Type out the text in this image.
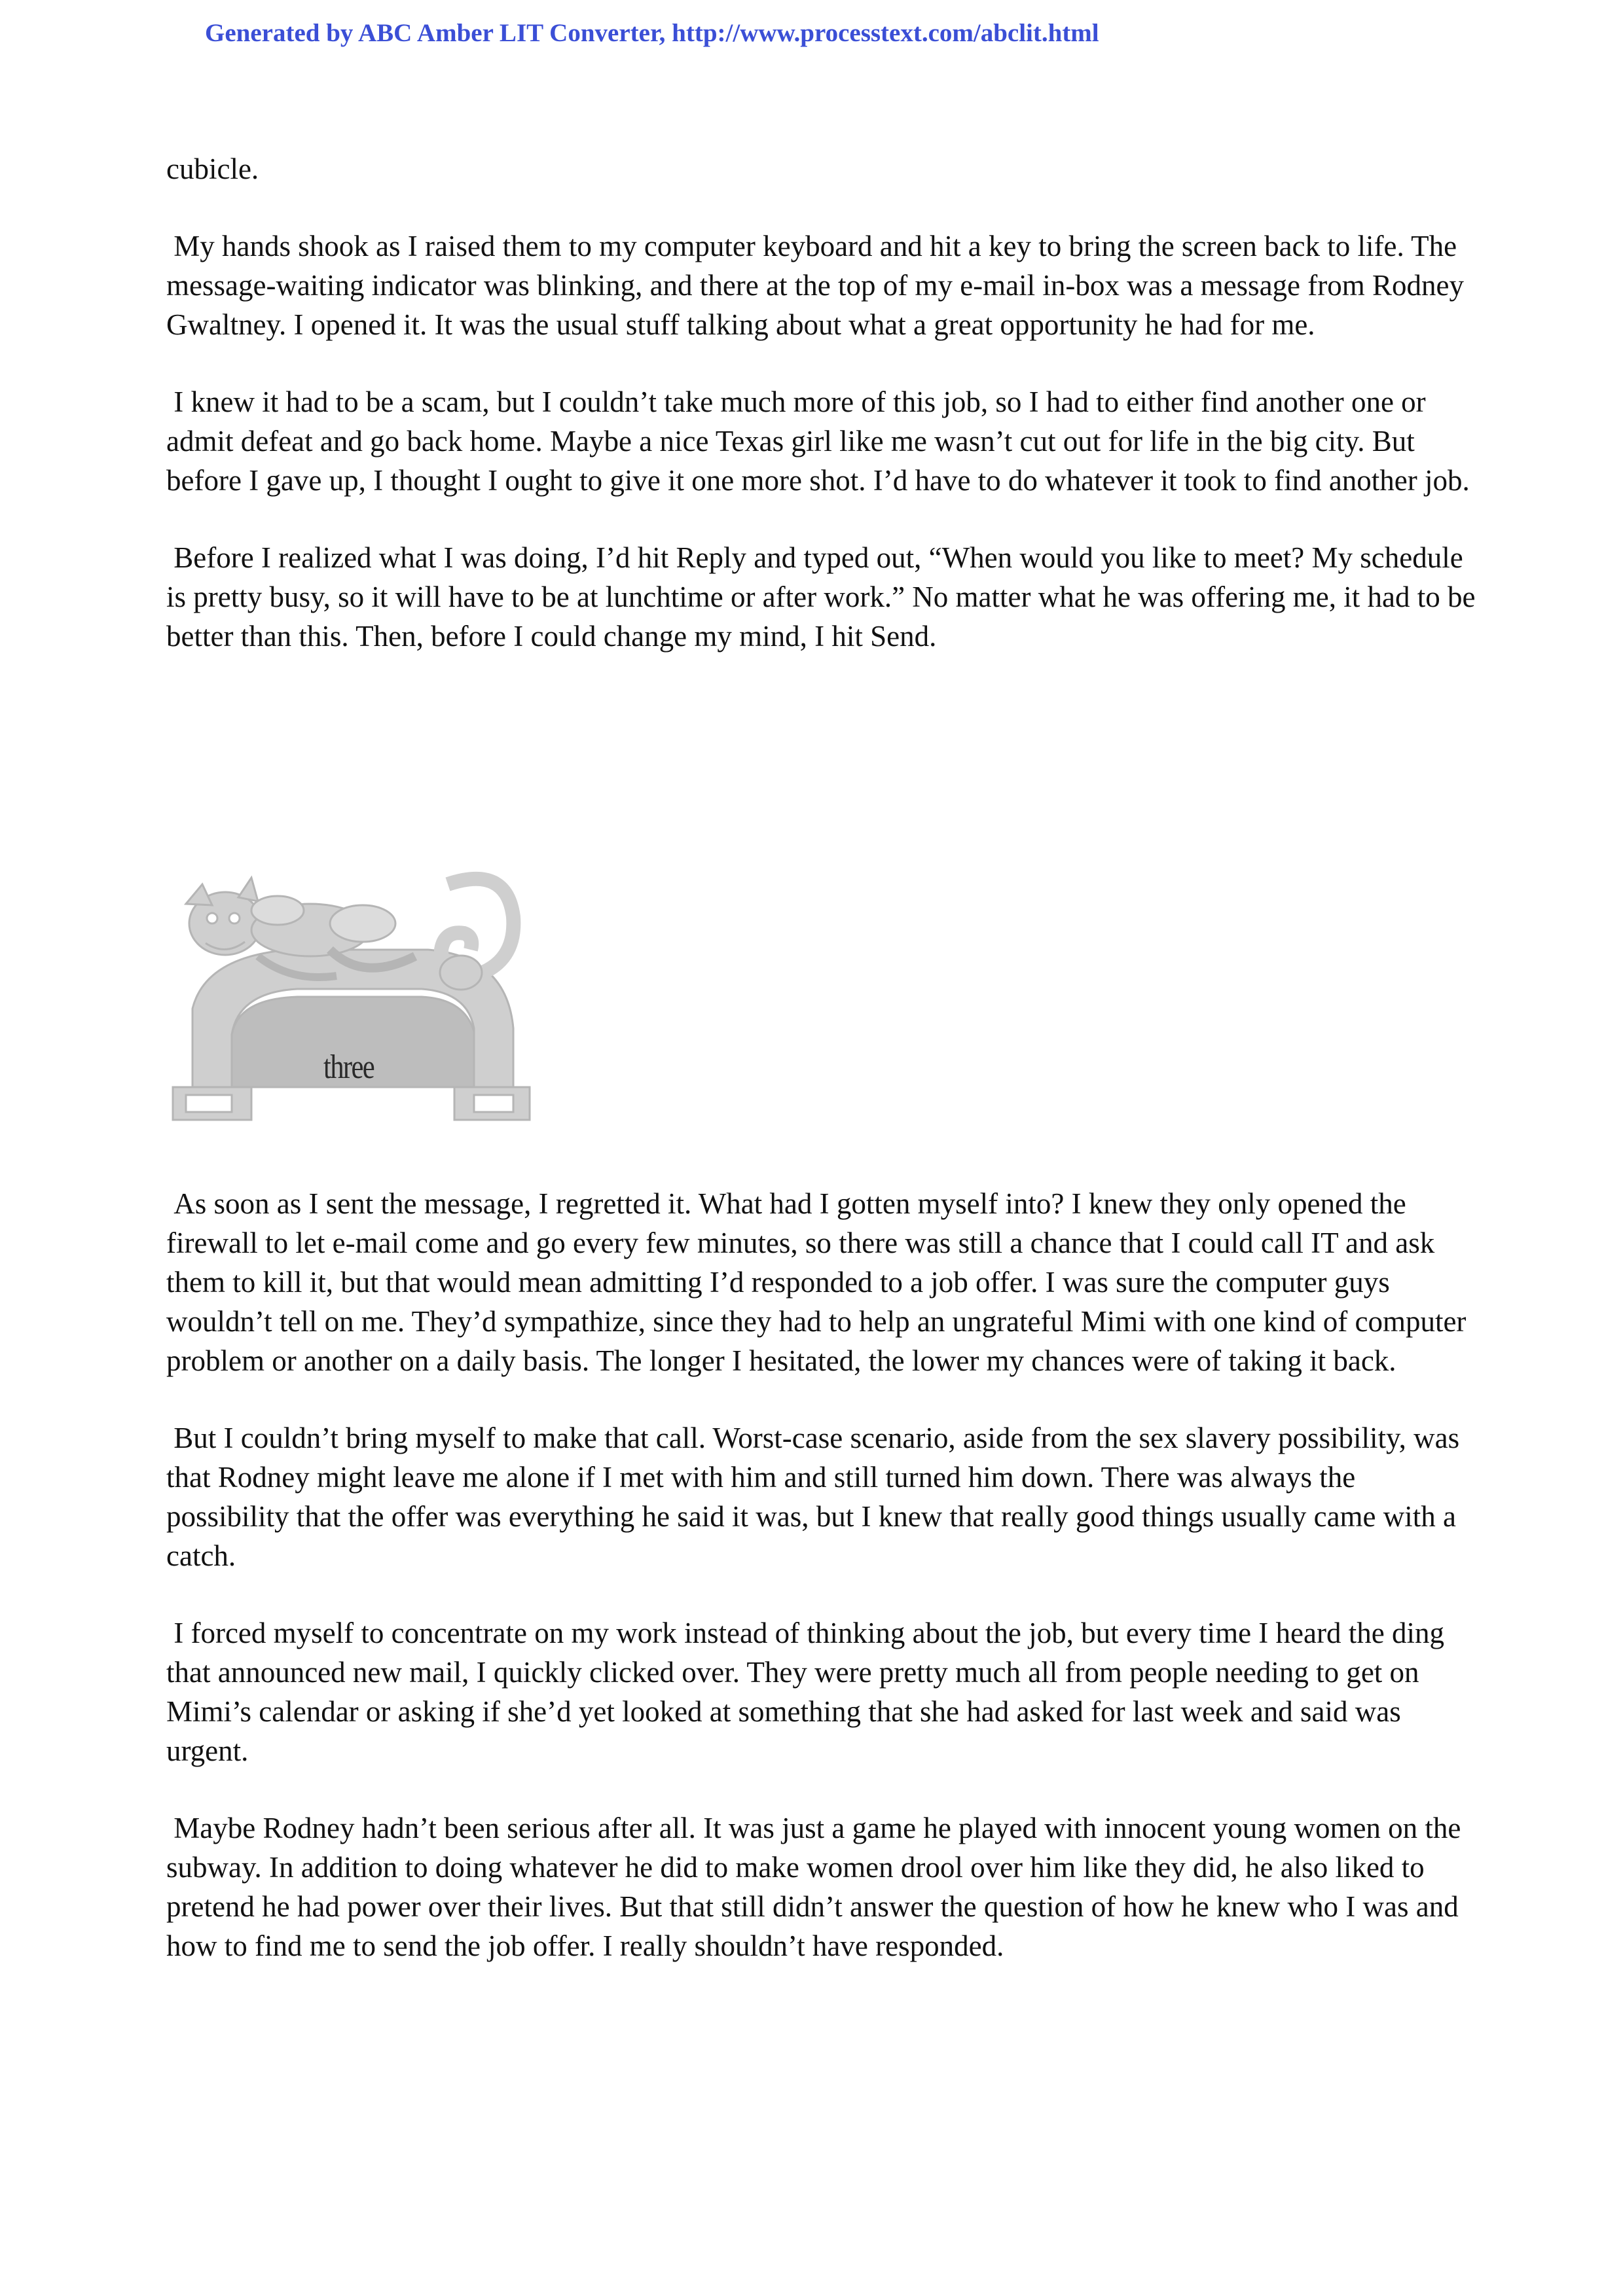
Generated by ABC Amber LIT Converter, http://www.processtext.com/abclit.html

cubicle.

My hands shook as I raised them to my computer keyboard and hit a key to bring the screen back to life. The message-waiting indicator was blinking, and there at the top of my e-mail in-box was a message from Rodney Gwaltney. I opened it. It was the usual stuff talking about what a great opportunity he had for me.

I knew it had to be a scam, but I couldn’t take much more of this job, so I had to either find another one or admit defeat and go back home. Maybe a nice Texas girl like me wasn’t cut out for life in the big city. But before I gave up, I thought I ought to give it one more shot. I’d have to do whatever it took to find another job.

Before I realized what I was doing, I’d hit Reply and typed out, “When would you like to meet? My schedule is pretty busy, so it will have to be at lunchtime or after work.” No matter what he was offering me, it had to be better than this. Then, before I could change my mind, I hit Send.

three

As soon as I sent the message, I regretted it. What had I gotten myself into? I knew they only opened the firewall to let e-mail come and go every few minutes, so there was still a chance that I could call IT and ask them to kill it, but that would mean admitting I’d responded to a job offer. I was sure the computer guys wouldn’t tell on me. They’d sympathize, since they had to help an ungrateful Mimi with one kind of computer problem or another on a daily basis. The longer I hesitated, the lower my chances were of taking it back.

But I couldn’t bring myself to make that call. Worst-case scenario, aside from the sex slavery possibility, was that Rodney might leave me alone if I met with him and still turned him down. There was always the possibility that the offer was everything he said it was, but I knew that really good things usually came with a catch.

I forced myself to concentrate on my work instead of thinking about the job, but every time I heard the ding that announced new mail, I quickly clicked over. They were pretty much all from people needing to get on Mimi’s calendar or asking if she’d yet looked at something that she had asked for last week and said was urgent.

Maybe Rodney hadn’t been serious after all. It was just a game he played with innocent young women on the subway. In addition to doing whatever he did to make women drool over him like they did, he also liked to pretend he had power over their lives. But that still didn’t answer the question of how he knew who I was and how to find me to send the job offer. I really shouldn’t have responded.
